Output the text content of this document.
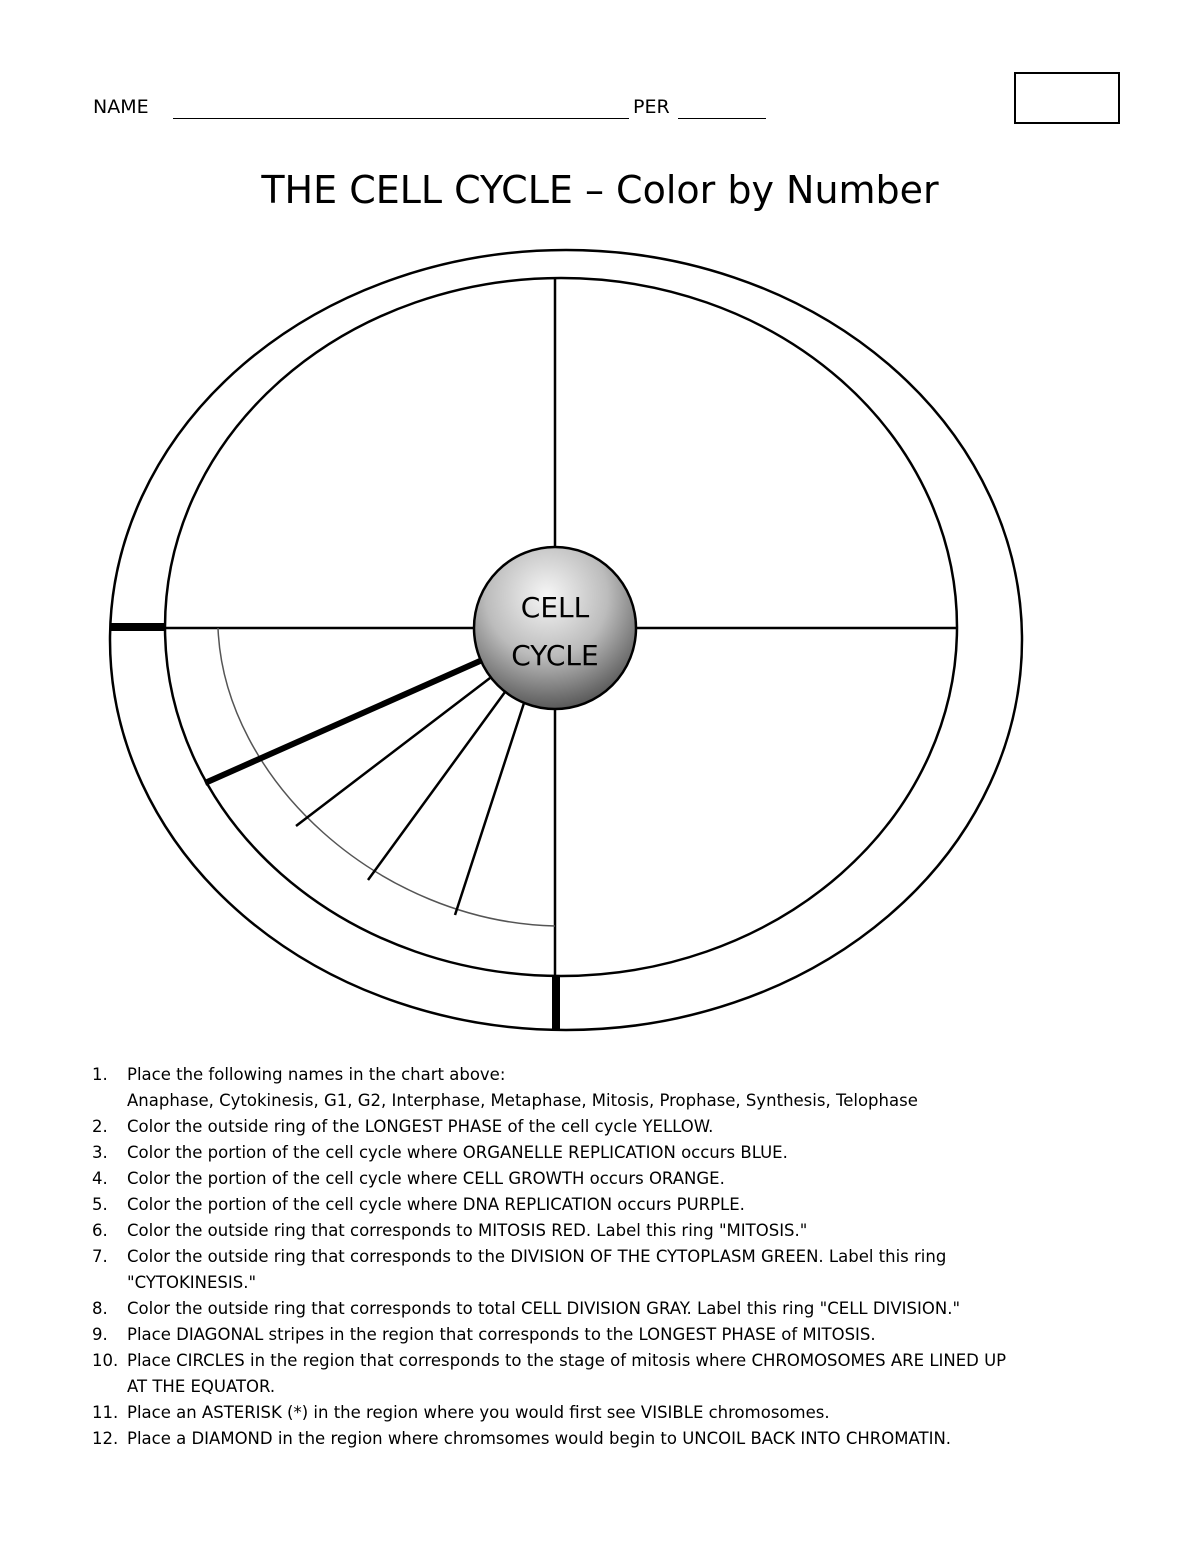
NAME	PER
THE CELL CYCLE – Color by Number
CELL
CYCLE
1. Place the following names in the chart above:
Anaphase, Cytokinesis, G1, G2, Interphase, Metaphase, Mitosis, Prophase, Synthesis, Telophase
2. Color the outside ring of the LONGEST PHASE of the cell cycle YELLOW.
3. Color the portion of the cell cycle where ORGANELLE REPLICATION occurs BLUE.
4. Color the portion of the cell cycle where CELL GROWTH occurs ORANGE.
5. Color the portion of the cell cycle where DNA REPLICATION occurs PURPLE.
6. Color the outside ring that corresponds to MITOSIS RED. Label this ring "MITOSIS."
7. Color the outside ring that corresponds to the DIVISION OF THE CYTOPLASM GREEN. Label this ring
"CYTOKINESIS."
8. Color the outside ring that corresponds to total CELL DIVISION GRAY. Label this ring "CELL DIVISION."
9. Place DIAGONAL stripes in the region that corresponds to the LONGEST PHASE of MITOSIS.
10. Place CIRCLES in the region that corresponds to the stage of mitosis where CHROMOSOMES ARE LINED UP
AT THE EQUATOR.
11. Place an ASTERISK (*) in the region where you would first see VISIBLE chromosomes.
12. Place a DIAMOND in the region where chromsomes would begin to UNCOIL BACK INTO CHROMATIN.
